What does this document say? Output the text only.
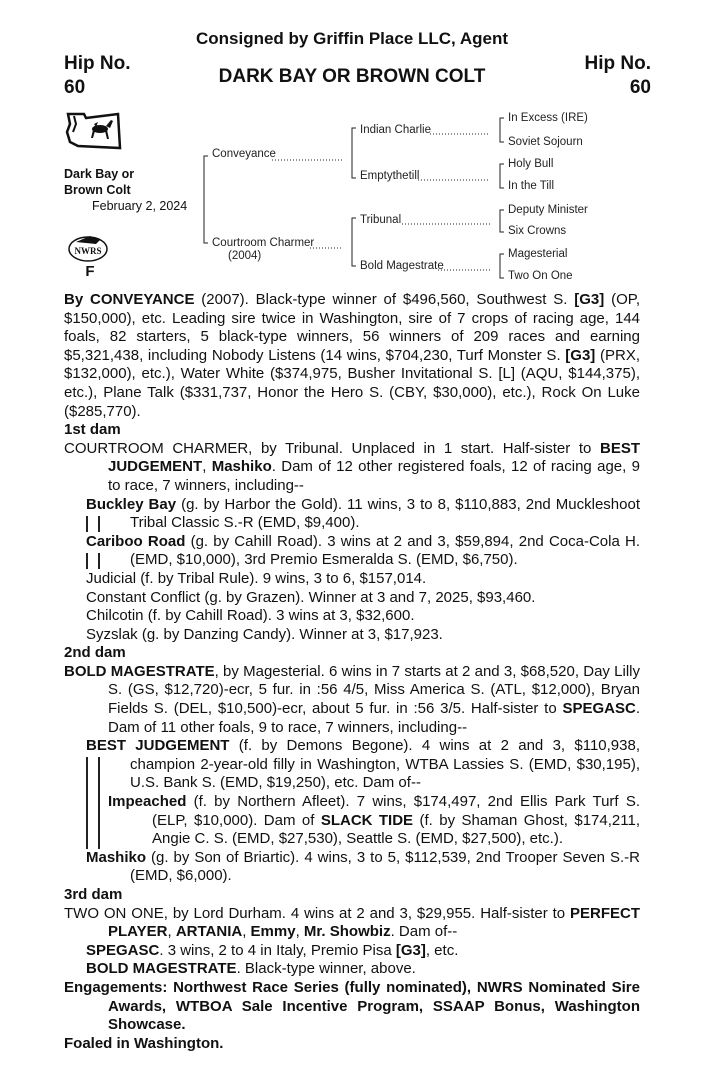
Consigned by Griffin Place LLC, Agent
Hip No.
60
Hip No.
60
DARK BAY OR BROWN COLT
Dark Bay or
Brown Colt
February 2, 2024
NWRS
F
Conveyance
Courtroom Charmer
(2004)
Indian Charlie
Emptythetill
Tribunal
Bold Magestrate
In Excess (IRE)
Soviet Sojourn
Holy Bull
In the Till
Deputy Minister
Six Crowns
Magesterial
Two On One
By CONVEYANCE (2007). Black-type winner of $496,560, Southwest S. [G3] (OP, $150,000), etc. Leading sire twice in Washington, sire of 7 crops of racing age, 144 foals, 82 starters, 5 black-type winners, 56 winners of 209 races and earning $5,321,438, including Nobody Listens (14 wins, $704,230, Turf Monster S. [G3] (PRX, $132,000), etc.), Water White ($374,975, Busher Invitational S. [L] (AQU, $144,375), etc.), Plane Talk ($331,737, Honor the Hero S. (CBY, $30,000), etc.), Rock On Luke ($285,770).
1st dam
COURTROOM CHARMER, by Tribunal. Unplaced in 1 start. Half-sister to BEST JUDGEMENT, Mashiko. Dam of 12 other registered foals, 12 of racing age, 9 to race, 7 winners, including--
Buckley Bay (g. by Harbor the Gold). 11 wins, 3 to 8, $110,883, 2nd Muckleshoot Tribal Classic S.-R (EMD, $9,400).
Cariboo Road (g. by Cahill Road). 3 wins at 2 and 3, $59,894, 2nd Coca-Cola H. (EMD, $10,000), 3rd Premio Esmeralda S. (EMD, $6,750).
Judicial (f. by Tribal Rule). 9 wins, 3 to 6, $157,014.
Constant Conflict (g. by Grazen). Winner at 3 and 7, 2025, $93,460.
Chilcotin (f. by Cahill Road). 3 wins at 3, $32,600.
Syzslak (g. by Danzing Candy). Winner at 3, $17,923.
2nd dam
BOLD MAGESTRATE, by Magesterial. 6 wins in 7 starts at 2 and 3, $68,520, Day Lilly S. (GS, $12,720)-ecr, 5 fur. in :56 4/5, Miss America S. (ATL, $12,000), Bryan Fields S. (DEL, $10,500)-ecr, about 5 fur. in :56 3/5. Half-sister to SPEGASC. Dam of 11 other foals, 9 to race, 7 winners, including--
BEST JUDGEMENT (f. by Demons Begone). 4 wins at 2 and 3, $110,938, champion 2-year-old filly in Washington, WTBA Lassies S. (EMD, $30,195), U.S. Bank S. (EMD, $19,250), etc. Dam of--
Impeached (f. by Northern Afleet). 7 wins, $174,497, 2nd Ellis Park Turf S. (ELP, $10,000). Dam of SLACK TIDE (f. by Shaman Ghost, $174,211, Angie C. S. (EMD, $27,530), Seattle S. (EMD, $27,500), etc.).
Mashiko (g. by Son of Briartic). 4 wins, 3 to 5, $112,539, 2nd Trooper Seven S.-R (EMD, $6,000).
3rd dam
TWO ON ONE, by Lord Durham. 4 wins at 2 and 3, $29,955. Half-sister to PERFECT PLAYER, ARTANIA, Emmy, Mr. Showbiz. Dam of--
SPEGASC. 3 wins, 2 to 4 in Italy, Premio Pisa [G3], etc.
BOLD MAGESTRATE. Black-type winner, above.
Engagements: Northwest Race Series (fully nominated), NWRS Nominated Sire Awards, WTBOA Sale Incentive Program, SSAAP Bonus, Washington Showcase.
Foaled in Washington.
